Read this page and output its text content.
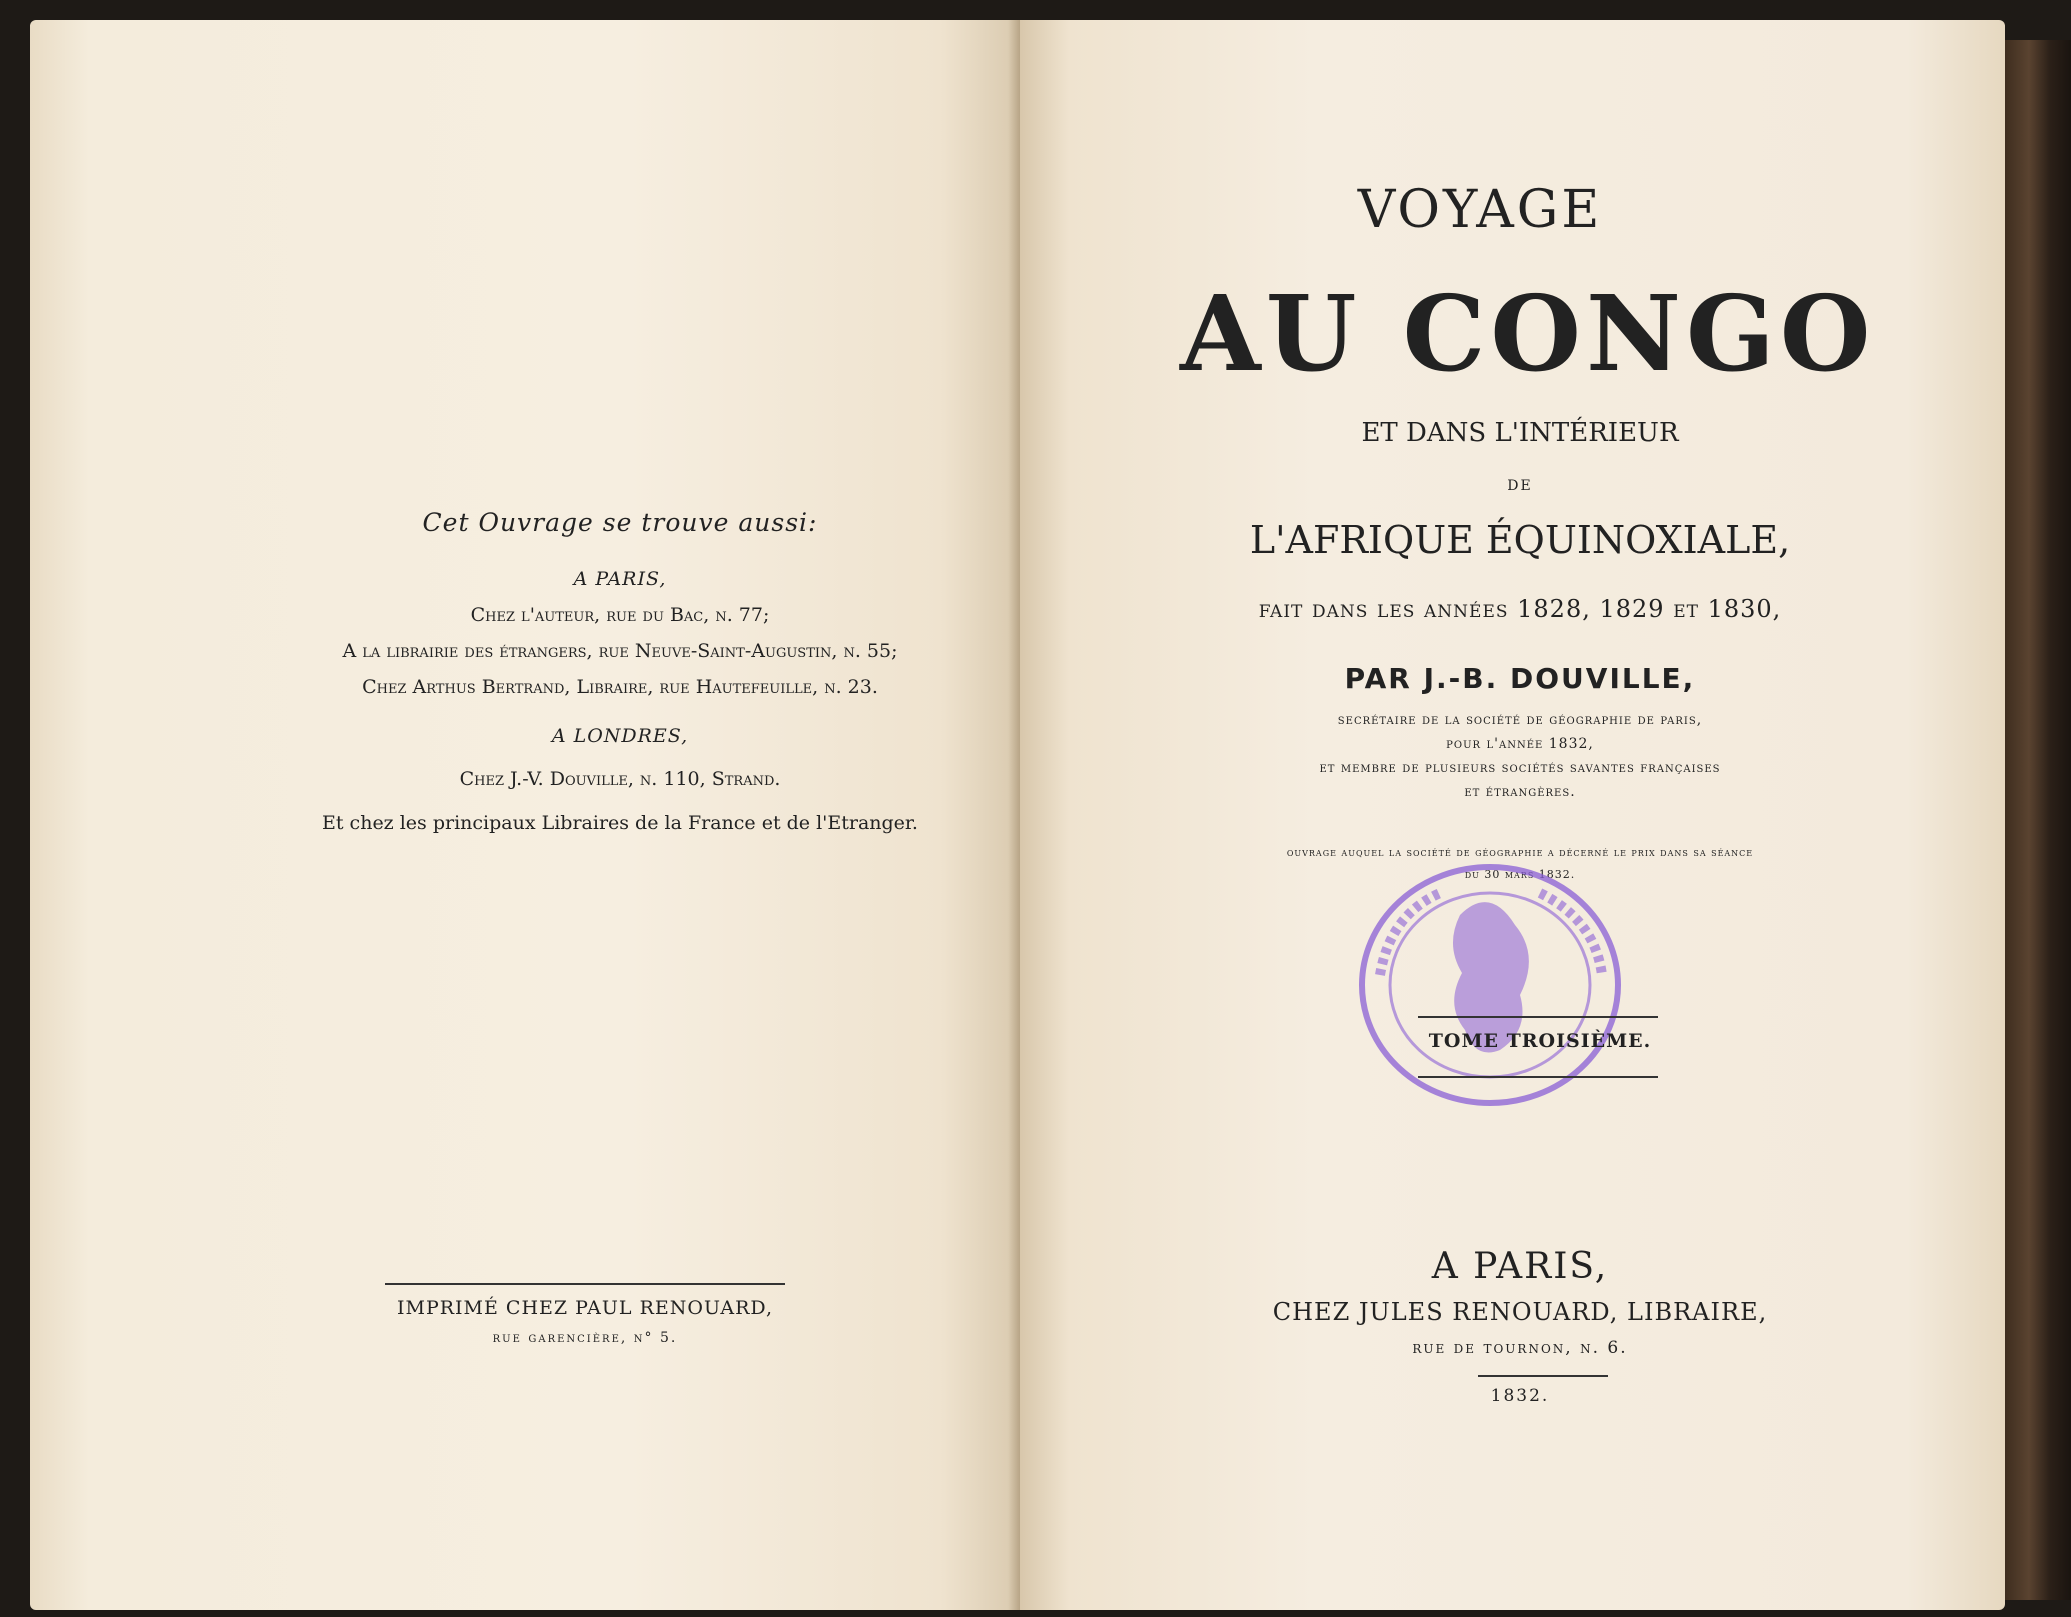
Cet Ouvrage se trouve aussi:

A PARIS,

Chez l'auteur, rue du Bac, n. 77;

A la librairie des étrangers, rue Neuve-Saint-Augustin, n. 55;

Chez Arthus Bertrand, Libraire, rue Hautefeuille, n. 23.

A LONDRES,

Chez J.-V. Douville, n. 110, Strand.

Et chez les principaux Libraires de la France et de l'Etranger.

IMPRIMÉ CHEZ PAUL RENOUARD,

rue garencière, n° 5.

VOYAGE

AU CONGO

ET DANS L'INTÉRIEUR

DE

L'AFRIQUE ÉQUINOXIALE,

fait dans les années 1828, 1829 et 1830,

PAR J.-B. DOUVILLE,

secrétaire de la société de géographie de paris,

pour l'année 1832,

et membre de plusieurs sociétés savantes françaises

et étrangères.

ouvrage auquel la société de géographie a décerné le prix dans sa séance

du 30 mars 1832.

TOME TROISIÈME.

A PARIS,

CHEZ JULES RENOUARD, LIBRAIRE,

rue de tournon, n. 6.

1832.
